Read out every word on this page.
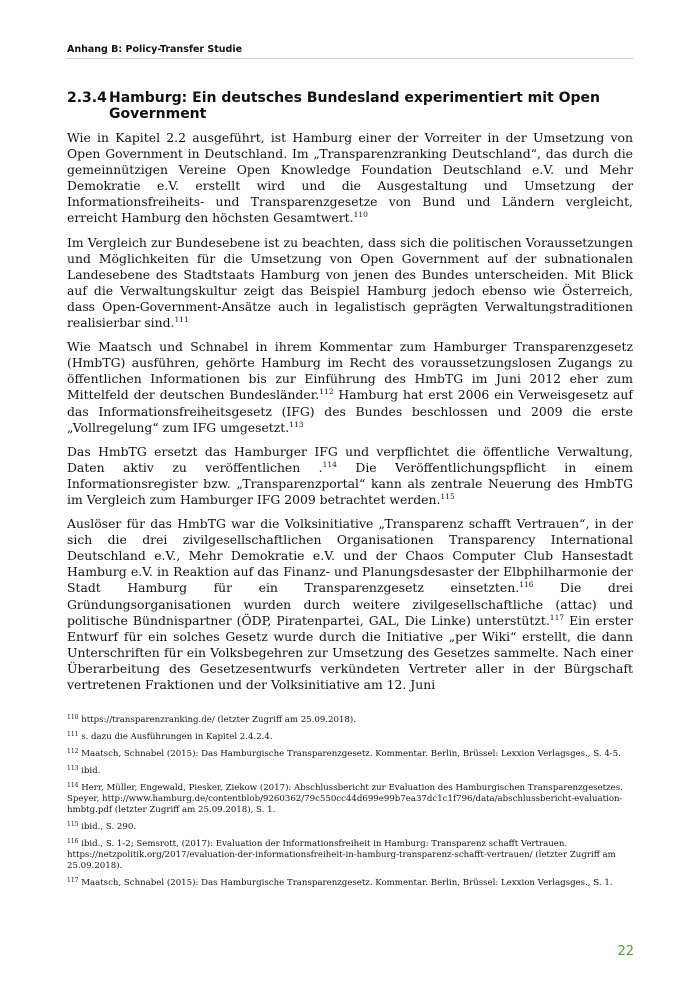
Anhang B: Policy-Transfer Studie
2.3.4 Hamburg: Ein deutsches Bundesland experimentiert mit Open Government

Wie in Kapitel 2.2 ausgeführt, ist Hamburg einer der Vorreiter in der Umsetzung von Open Government in Deutschland. Im „Transparenzranking Deutschland“, das durch die gemeinnützigen Vereine Open Knowledge Foundation Deutschland e.V. und Mehr Demokratie e.V. erstellt wird und die Ausgestaltung und Umsetzung der Informationsfreiheits- und Transparenzgesetze von Bund und Ländern vergleicht, erreicht Hamburg den höchsten Gesamtwert.$^{110}$

Im Vergleich zur Bundesebene ist zu beachten, dass sich die politischen Voraussetzungen und Möglichkeiten für die Umsetzung von Open Government auf der subnationalen Landesebene des Stadtstaats Hamburg von jenen des Bundes unterscheiden. Mit Blick auf die Verwaltungskultur zeigt das Beispiel Hamburg jedoch ebenso wie Österreich, dass Open-Government-Ansätze auch in legalistisch geprägten Verwaltungstraditionen realisierbar sind.$^{111}$

Wie Maatsch und Schnabel in ihrem Kommentar zum Hamburger Transparenzgesetz (HmbTG) ausführen, gehörte Hamburg im Recht des voraussetzungslosen Zugangs zu öffentlichen Informationen bis zur Einführung des HmbTG im Juni 2012 eher zum Mittelfeld der deutschen Bundesländer.$^{112}$ Hamburg hat erst 2006 ein Verweisgesetz auf das Informationsfreiheitsgesetz (IFG) des Bundes beschlossen und 2009 die erste „Vollregelung“ zum IFG umgesetzt.$^{113}$

Das HmbTG ersetzt das Hamburger IFG und verpflichtet die öffentliche Verwaltung, Daten aktiv zu veröffentlichen .$^{114}$ Die Veröffentlichungspflicht in einem Informationsregister bzw. „Transparenzportal“ kann als zentrale Neuerung des HmbTG im Vergleich zum Hamburger IFG 2009 betrachtet werden.$^{115}$

Auslöser für das HmbTG war die Volksinitiative „Transparenz schafft Vertrauen“, in der sich die drei zivilgesellschaftlichen Organisationen Transparency International Deutschland e.V., Mehr Demokratie e.V. und der Chaos Computer Club Hansestadt Hamburg e.V. in Reaktion auf das Finanz- und Planungsdesaster der Elbphilharmonie der Stadt Hamburg für ein Transparenzgesetz einsetzten.$^{116}$ Die drei Gründungsorganisationen wurden durch weitere zivilgesellschaftliche (attac) und politische Bündnispartner (ÖDP, Piratenpartei, GAL, Die Linke) unterstützt.$^{117}$ Ein erster Entwurf für ein solches Gesetz wurde durch die Initiative „per Wiki“ erstellt, die dann Unterschriften für ein Volksbegehren zur Umsetzung des Gesetzes sammelte. Nach einer Überarbeitung des Gesetzesentwurfs verkündeten Vertreter aller in der Bürgschaft vertretenen Fraktionen und der Volksinitiative am 12. Juni

$^{110}$ https://transparenzranking.de/ (letzter Zugriff am 25.09.2018).
$^{111}$ s. dazu die Ausführungen in Kapitel 2.4.2.4.
$^{112}$ Maatsch, Schnabel (2015): Das Hamburgische Transparenzgesetz. Kommentar. Berlin, Brüssel: Lexxion Verlagsges., S. 4-5.
$^{113}$ ibid.
$^{114}$ Herr, Müller, Engewald, Piesker, Ziekow (2017): Abschlussbericht zur Evaluation des Hamburgischen Transparenzgesetzes. Speyer, http://www.hamburg.de/contentblob/9260362/79c550cc44d699e99b7ea37dc1c1f796/data/abschlussbericht-evaluation-hmbtg.pdf (letzter Zugriff am 25.09.2018), S. 1.
$^{115}$ ibid., S. 290.
$^{116}$ ibid., S. 1-2; Semsrott, (2017): Evaluation der Informationsfreiheit in Hamburg: Transparenz schafft Vertrauen. https://netzpolitik.org/2017/evaluation-der-informationsfreiheit-in-hamburg-transparenz-schafft-vertrauen/ (letzter Zugriff am 25.09.2018).
$^{117}$ Maatsch, Schnabel (2015): Das Hamburgische Transparenzgesetz. Kommentar. Berlin, Brüssel: Lexxion Verlagsges., S. 1.
22
